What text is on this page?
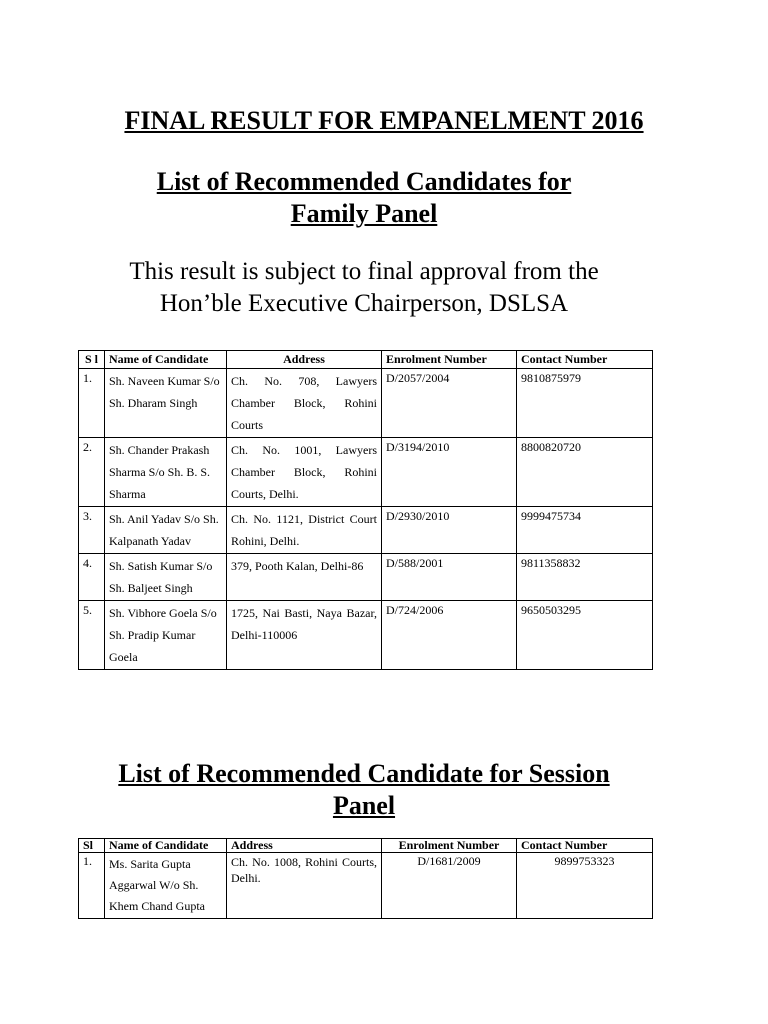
FINAL RESULT FOR EMPANELMENT 2016
List of Recommended Candidates for
Family Panel

This result is subject to final approval from the
Hon’ble Executive Chairperson, DSLSA

S l	Name of Candidate	Address	Enrolment Number	Contact Number
1.	Sh. Naveen Kumar S/o Sh. Dharam Singh	Ch. No. 708, Lawyers Chamber Block, Rohini Courts	D/2057/2004	9810875979
2.	Sh. Chander Prakash Sharma S/o Sh. B. S. Sharma	Ch. No. 1001, Lawyers Chamber Block, Rohini Courts, Delhi.	D/3194/2010	8800820720
3.	Sh. Anil Yadav S/o Sh. Kalpanath Yadav	Ch. No. 1121, District Court Rohini, Delhi.	D/2930/2010	9999475734
4.	Sh. Satish Kumar S/o Sh. Baljeet Singh	379, Pooth Kalan, Delhi-86	D/588/2001	9811358832
5.	Sh. Vibhore Goela S/o Sh. Pradip Kumar Goela	1725, Nai Basti, Naya Bazar, Delhi-110006	D/724/2006	9650503295
List of Recommended Candidate for Session
Panel
Sl	Name of Candidate	Address	Enrolment Number	Contact Number
1.	Ms. Sarita Gupta Aggarwal W/o Sh. Khem Chand Gupta	Ch. No. 1008, Rohini Courts, Delhi.	D/1681/2009	9899753323
